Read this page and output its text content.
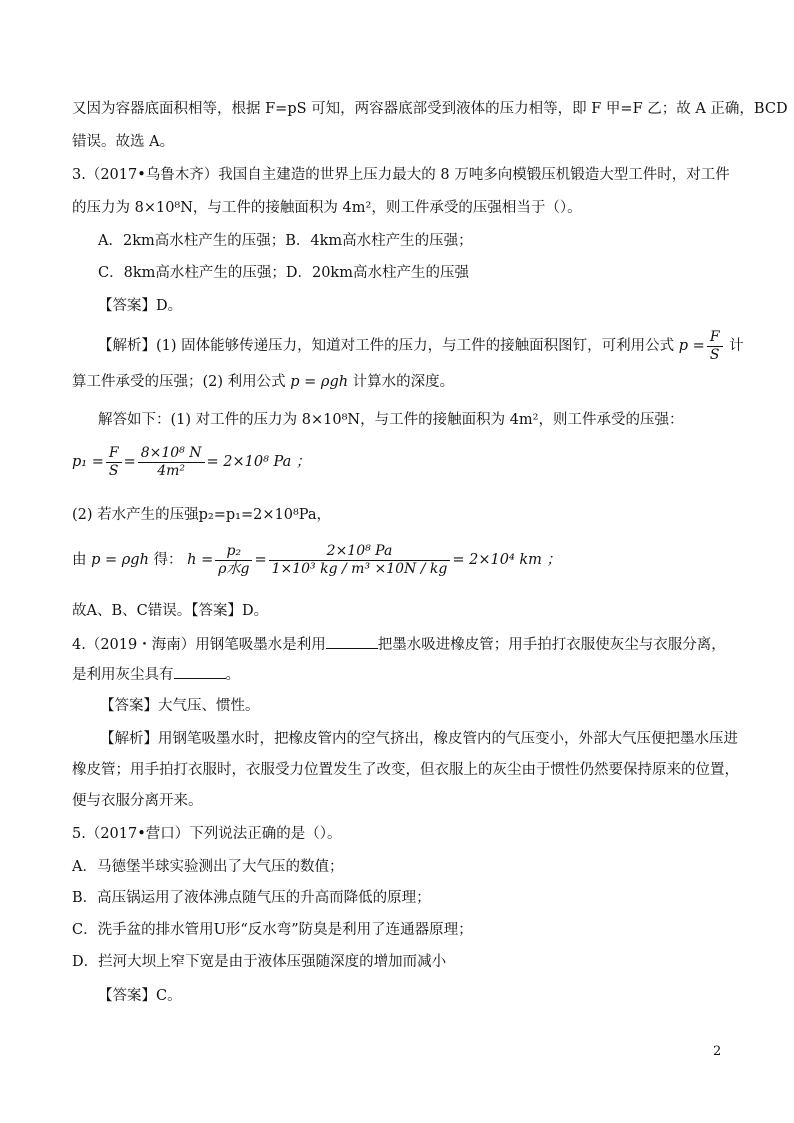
又因为容器底面积相等，根据 F=pS 可知，两容器底部受到液体的压力相等，即 F 甲=F 乙；故 A 正确，BCD
错误。故选 A。
3.（2017•乌鲁木齐）我国自主建造的世界上压力最大的 8 万吨多向模锻压机锻造大型工件时，对工件
的压力为 8×10⁸N，与工件的接触面积为 4m²，则工件承受的压强相当于（）。
A．2km高水柱产生的压强；B．4km高水柱产生的压强；
C．8km高水柱产生的压强；D．20km高水柱产生的压强
【答案】D。
【解析】(1) 固体能够传递压力，知道对工件的压力，与工件的接触面积图钉，可利用公式 $p = \frac{F}{S}$ 计
算工件承受的压强；(2) 利用公式 p = ρgh 计算水的深度。
解答如下：(1) 对工件的压力为 8×10⁸N，与工件的接触面积为 4m²，则工件承受的压强：
$p_1 = \frac{F}{S} = \frac{\text{8×10⁸ N}}{\text{4m²}} = 2\times 10^8$ Pa ；
(2) 若水产生的压强p₂=p₁=2×10⁸Pa，
由 p = ρgh 得： $h = \frac{\text{p₂}}{\text{ρ水g}} = \frac{\text{2×10⁸ Pa}}{\text{1×10³ kg / m³ ×10N / kg}} = 2\times 10^4$ km ；
故A、B、C错误。【答案】D。
4.（2019・海南）用钢笔吸墨水是利用	把墨水吸进橡皮管；用手拍打衣服使灰尘与衣服分离，
是利用灰尘具有	。
【答案】大气压、惯性。
【解析】用钢笔吸墨水时，把橡皮管内的空气挤出，橡皮管内的气压变小，外部大气压便把墨水压进
橡皮管；用手拍打衣服时，衣服受力位置发生了改变，但衣服上的灰尘由于惯性仍然要保持原来的位置，
便与衣服分离开来。
5.（2017•营口）下列说法正确的是（）。
A．马德堡半球实验测出了大气压的数值；
B．高压锅运用了液体沸点随气压的升高而降低的原理；
C．洗手盆的排水管用U形“反水弯”防臭是利用了连通器原理；
D．拦河大坝上窄下宽是由于液体压强随深度的增加而减小
【答案】C。
2
